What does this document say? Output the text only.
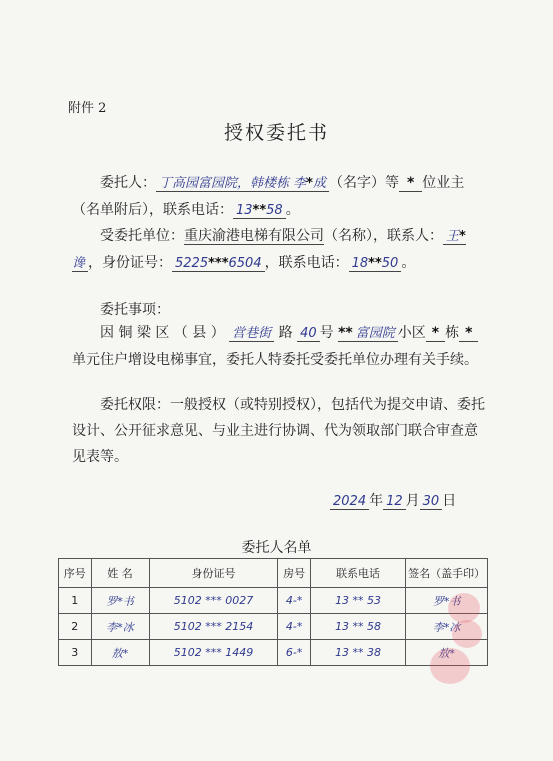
附件 2
授权委托书
委托人： 丁高园富园院，韩楼栋 李*成 （名字）等 * 位业主（名单附后），联系电话： 13**58 。
受委托单位：重庆渝港电梯有限公司（名称），联系人： 王*谗 ，身份证号： 5225***6504 ，联系电话： 18**50 。
委托事项：
因 铜 梁 区 （ 县 ） 営巷街 路 40 号 ** 富园院 小区 * 栋 *单元住户增设电梯事宜，委托人特委托受委托单位办理有关手续。
委托权限：一般授权（或特别授权），包括代为提交申请、委托设计、公开征求意见、与业主进行协调、代为领取部门联合审查意见表等。
2024 年 12 月 30 日
委托人名单
序号	姓 名	身份证号	房号	联系电话	签名（盖手印）
1	罗*书	5102 *** 0027	4-*	13 ** 53	罗*书
2	李*冰	5102 *** 2154	4-*	13 ** 58	李*冰
3	敖*	5102 *** 1449	6-*	13 ** 38	敖*
